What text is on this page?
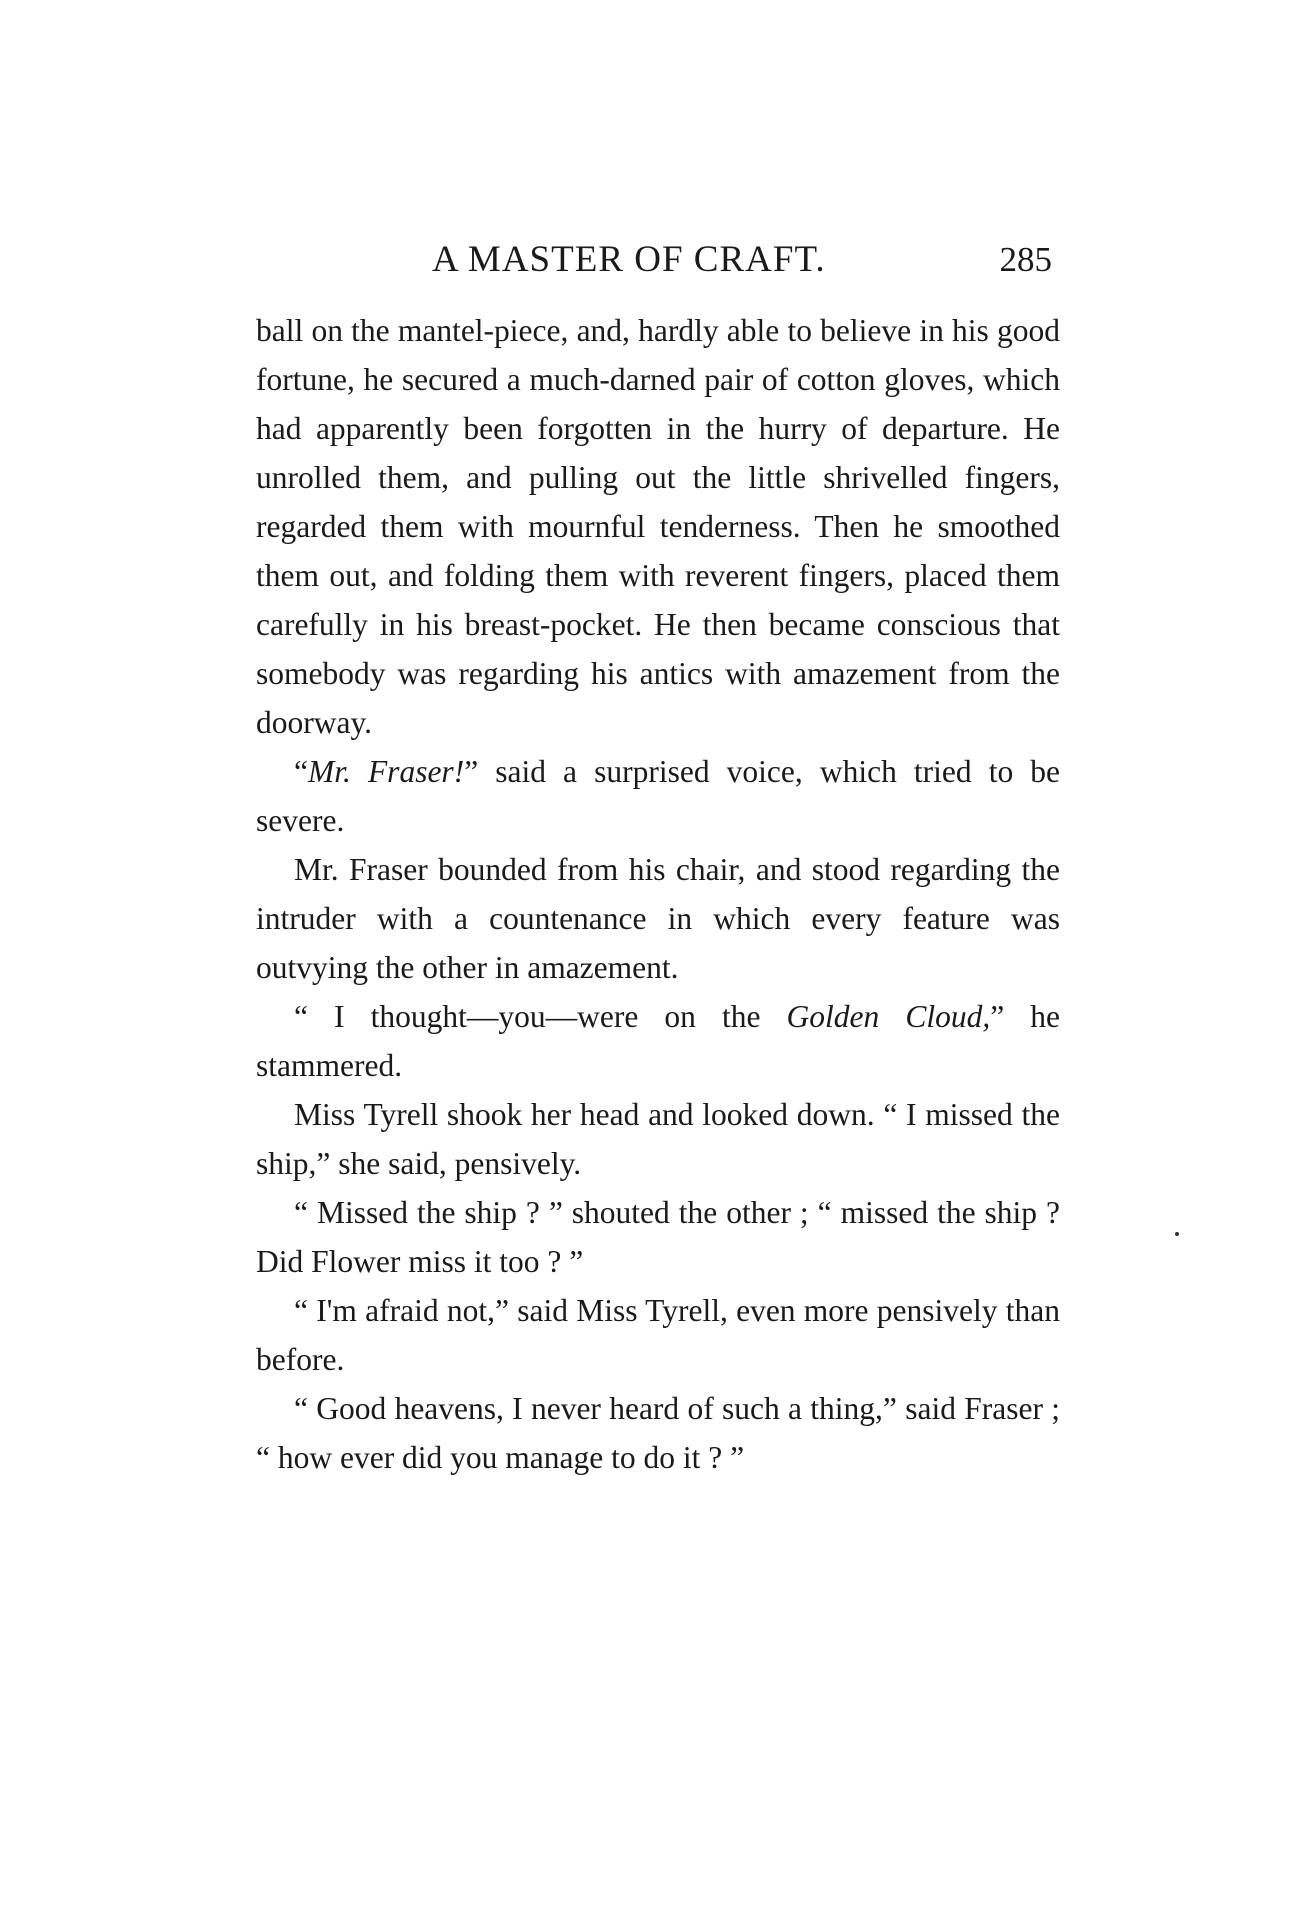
A MASTER OF CRAFT.	285

ball on the mantel-piece, and, hardly able to believe in his good fortune, he secured a much-darned pair of cotton gloves, which had apparently been forgotten in the hurry of departure. He unrolled them, and pulling out the little shrivelled fingers, regarded them with mournful tenderness. Then he smoothed them out, and folding them with reverent fingers, placed them carefully in his breast-pocket. He then became conscious that somebody was regarding his antics with amazement from the doorway.

“Mr. Fraser!” said a surprised voice, which tried to be severe.

Mr. Fraser bounded from his chair, and stood regarding the intruder with a countenance in which every feature was outvying the other in amazement.

“ I thought—you—were on the Golden Cloud,” he stammered.

Miss Tyrell shook her head and looked down. “ I missed the ship,” she said, pensively.

“ Missed the ship ? ” shouted the other ; “ missed the ship ? Did Flower miss it too ? ”

“ I'm afraid not,” said Miss Tyrell, even more pensively than before.

“ Good heavens, I never heard of such a thing,” said Fraser ; “ how ever did you manage to do it ? ”
